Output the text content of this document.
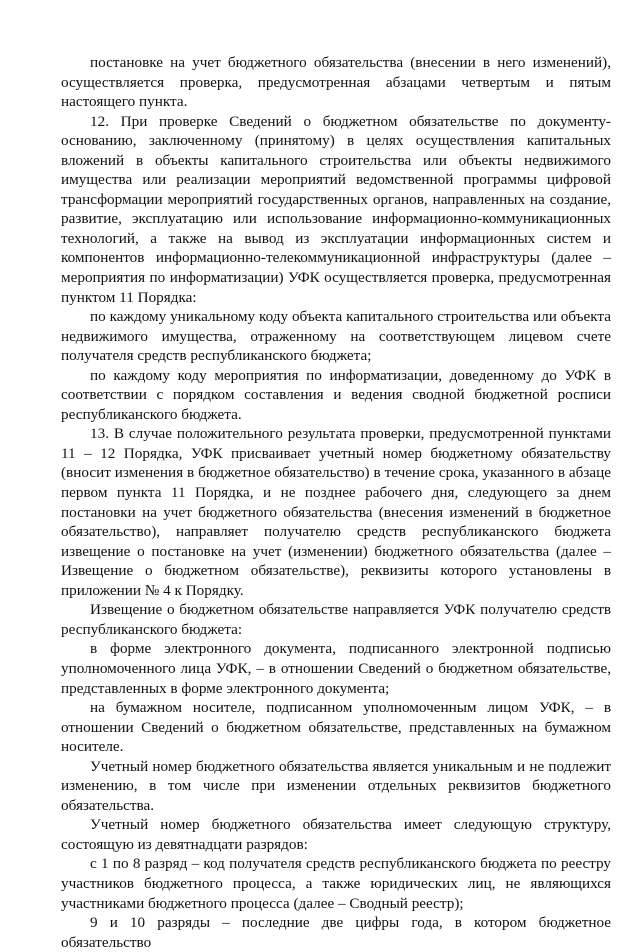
постановке на учет бюджетного обязательства (внесении в него изменений), осуществляется проверка, предусмотренная абзацами четвертым и пятым настоящего пункта.

12. При проверке Сведений о бюджетном обязательстве по документу-основанию, заключенному (принятому) в целях осуществления капитальных вложений в объекты капитального строительства или объекты недвижимого имущества или реализации мероприятий ведомственной программы цифровой трансформации мероприятий государственных органов, направленных на создание, развитие, эксплуатацию или использование информационно-коммуникационных технологий, а также на вывод из эксплуатации информационных систем и компонентов информационно-телекоммуникационной инфраструктуры (далее – мероприятия по информатизации) УФК осуществляется проверка, предусмотренная пунктом 11 Порядка:

по каждому уникальному коду объекта капитального строительства или объекта недвижимого имущества, отраженному на соответствующем лицевом счете получателя средств республиканского бюджета;

по каждому коду мероприятия по информатизации, доведенному до УФК в соответствии с порядком составления и ведения сводной бюджетной росписи республиканского бюджета.

13. В случае положительного результата проверки, предусмотренной пунктами 11 – 12 Порядка, УФК присваивает учетный номер бюджетному обязательству (вносит изменения в бюджетное обязательство) в течение срока, указанного в абзаце первом пункта 11 Порядка, и не позднее рабочего дня, следующего за днем постановки на учет бюджетного обязательства (внесения изменений в бюджетное обязательство), направляет получателю средств республиканского бюджета извещение о постановке на учет (изменении) бюджетного обязательства (далее – Извещение о бюджетном обязательстве), реквизиты которого установлены в приложении № 4 к Порядку.

Извещение о бюджетном обязательстве направляется УФК получателю средств республиканского бюджета:

в форме электронного документа, подписанного электронной подписью уполномоченного лица УФК, – в отношении Сведений о бюджетном обязательстве, представленных в форме электронного документа;

на бумажном носителе, подписанном уполномоченным лицом УФК, – в отношении Сведений о бюджетном обязательстве, представленных на бумажном носителе.

Учетный номер бюджетного обязательства является уникальным и не подлежит изменению, в том числе при изменении отдельных реквизитов бюджетного обязательства.

Учетный номер бюджетного обязательства имеет следующую структуру, состоящую из девятнадцати разрядов:

с 1 по 8 разряд – код получателя средств республиканского бюджета по реестру участников бюджетного процесса, а также юридических лиц, не являющихся участниками бюджетного процесса (далее – Сводный реестр);

9 и 10 разряды – последние две цифры года, в котором бюджетное обязательство
